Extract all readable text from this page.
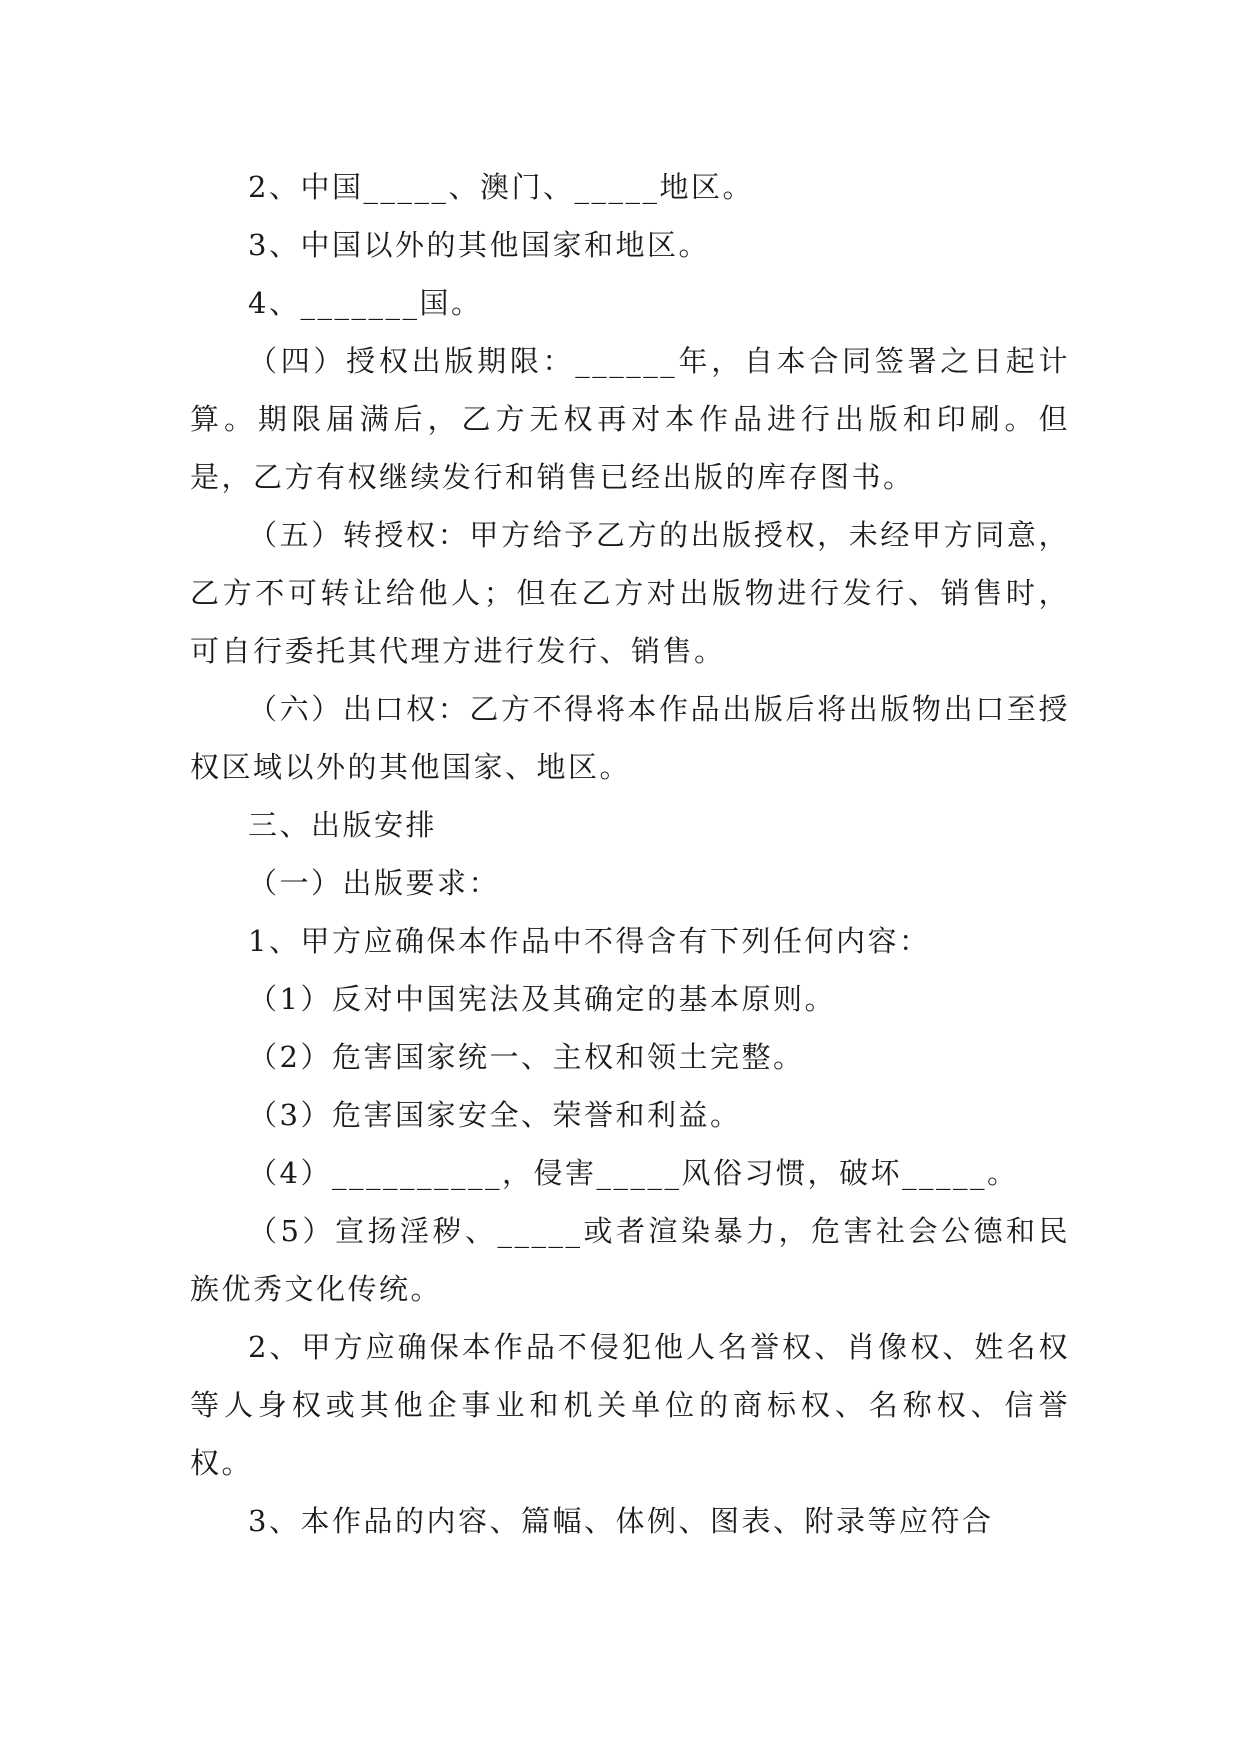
2、中国_____、澳门、_____地区。

3、中国以外的其他国家和地区。

4、_______国。

（四）授权出版期限：______年，自本合同签署之日起计算。期限届满后，乙方无权再对本作品进行出版和印刷。但是，乙方有权继续发行和销售已经出版的库存图书。

（五）转授权：甲方给予乙方的出版授权，未经甲方同意，乙方不可转让给他人；但在乙方对出版物进行发行、销售时，可自行委托其代理方进行发行、销售。

（六）出口权：乙方不得将本作品出版后将出版物出口至授权区域以外的其他国家、地区。

三、出版安排

（一）出版要求：

1、甲方应确保本作品中不得含有下列任何内容：

（1）反对中国宪法及其确定的基本原则。

（2）危害国家统一、主权和领土完整。

（3）危害国家安全、荣誉和利益。

（4）__________，侵害_____风俗习惯，破坏_____。

（5）宣扬淫秽、_____或者渲染暴力，危害社会公德和民族优秀文化传统。

2、甲方应确保本作品不侵犯他人名誉权、肖像权、姓名权等人身权或其他企事业和机关单位的商标权、名称权、信誉权。

3、本作品的内容、篇幅、体例、图表、附录等应符合
